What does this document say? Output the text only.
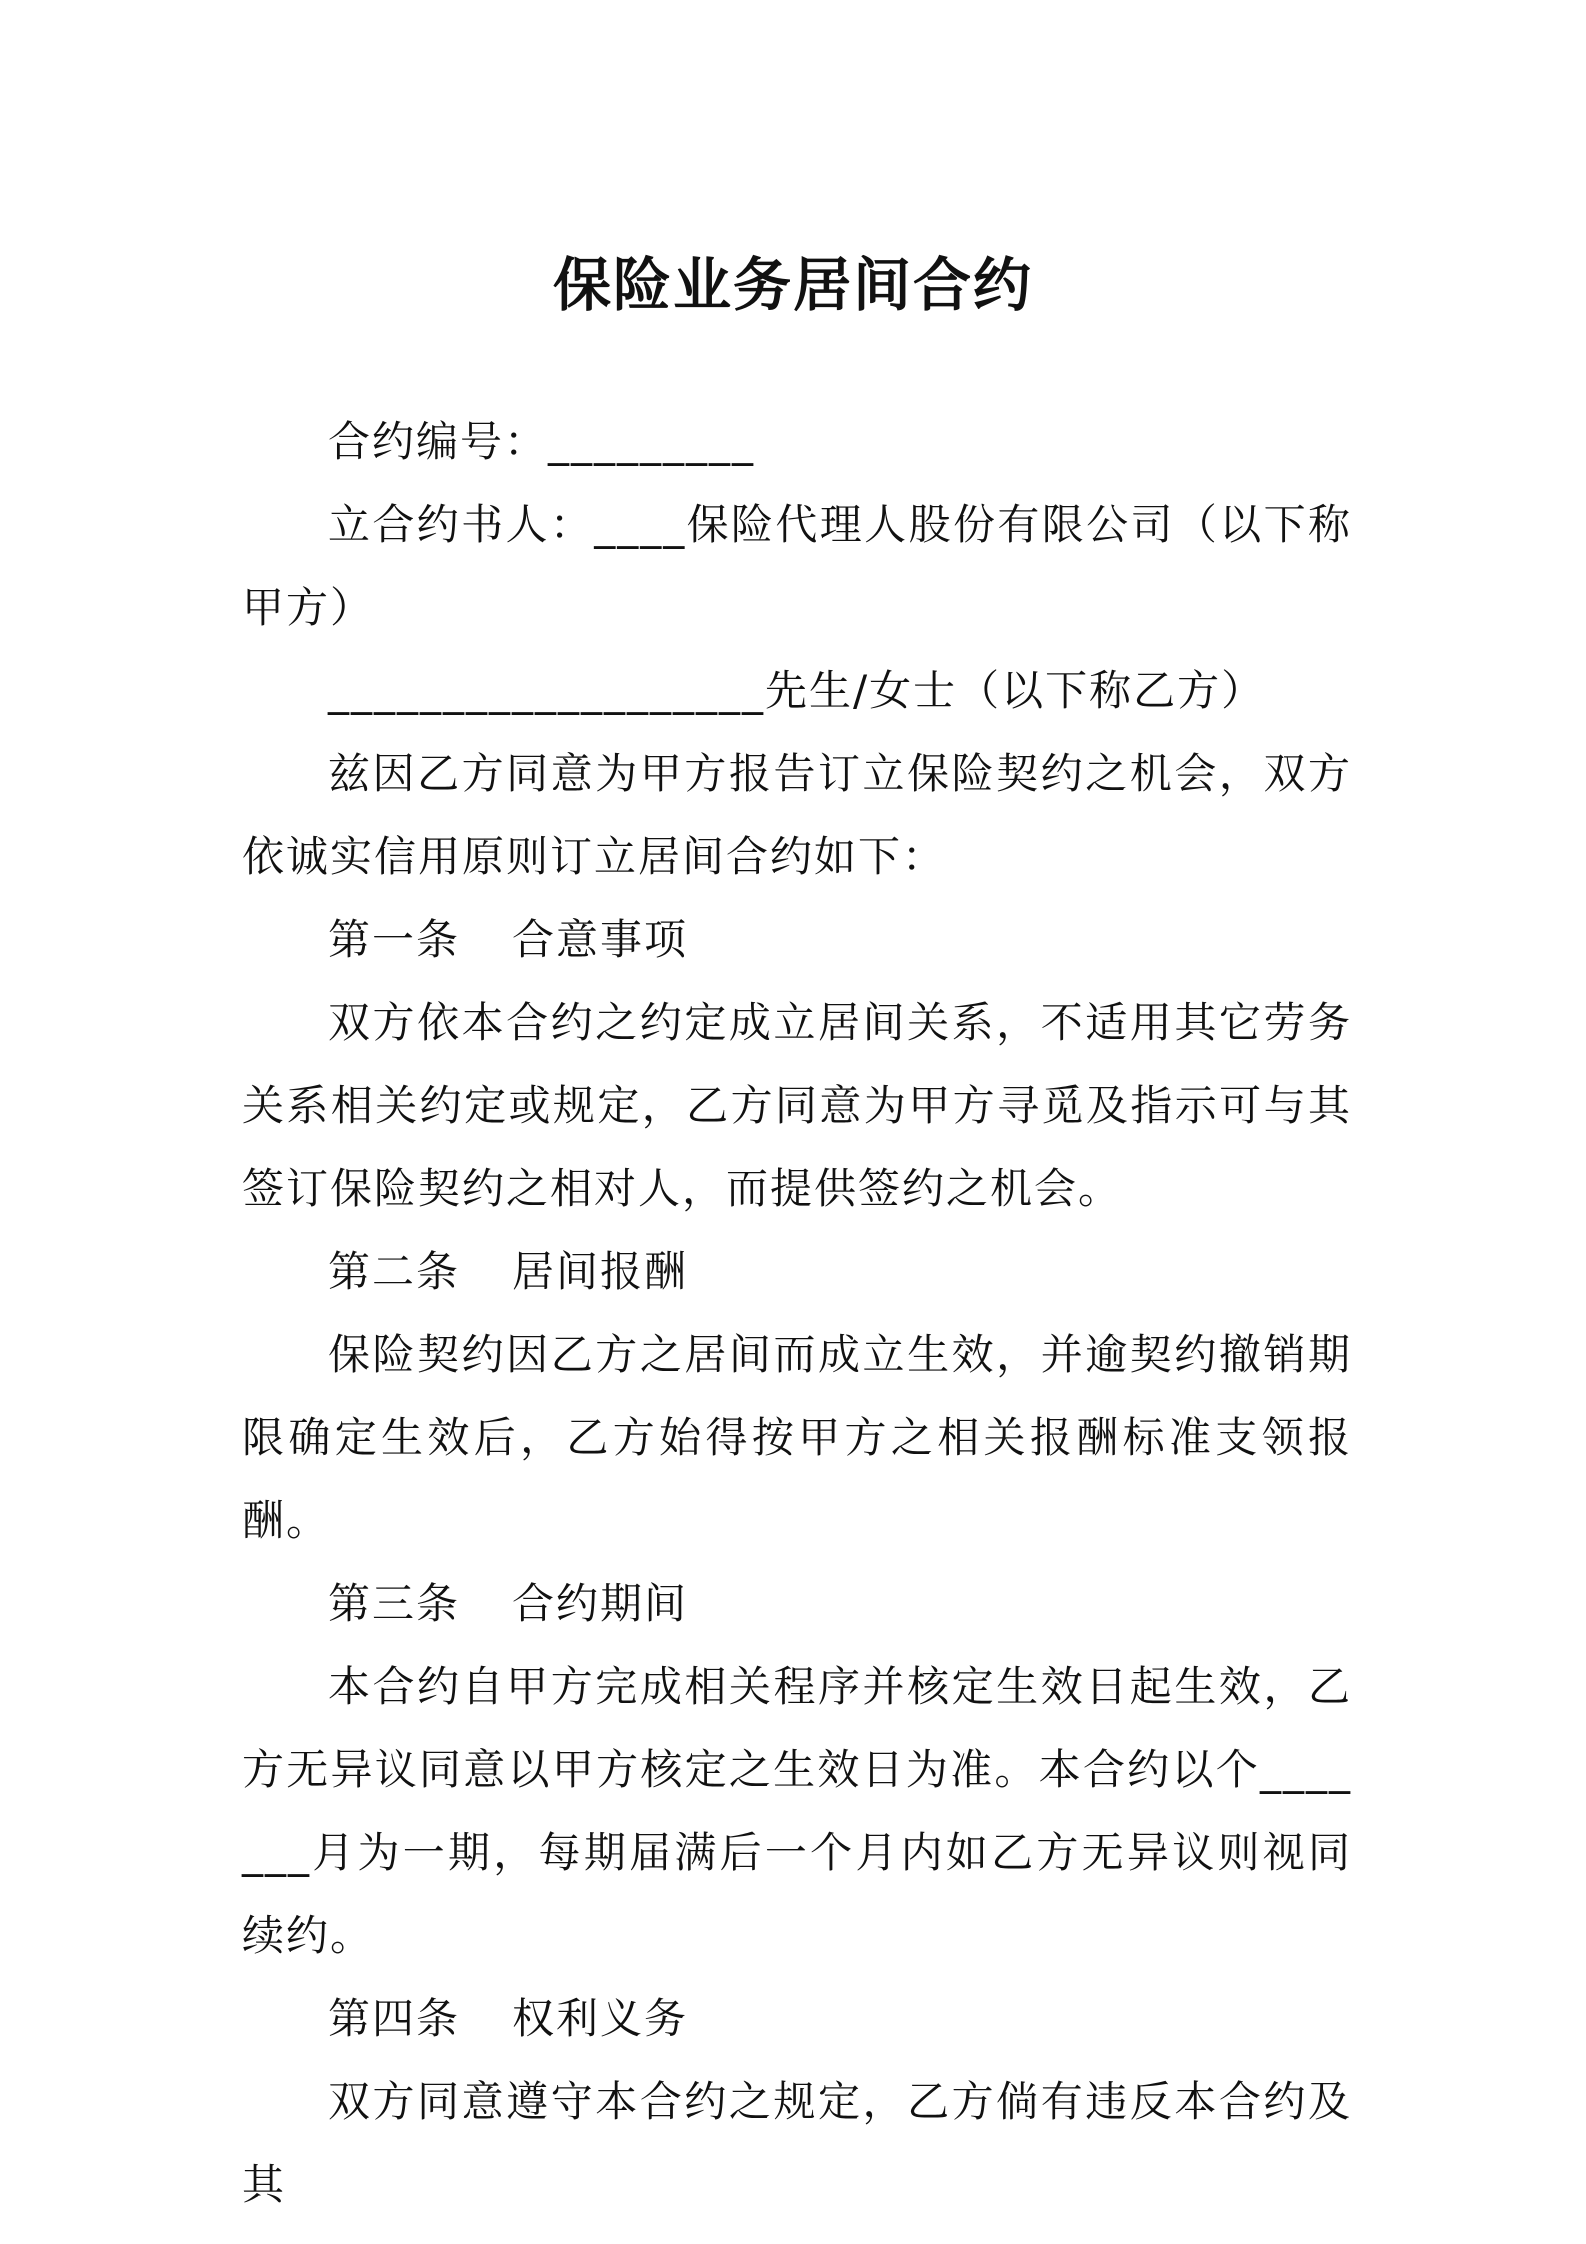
保险业务居间合约

合约编号：_________

立合约书人：____保险代理人股份有限公司（以下称甲方）

___________________先生/女士（以下称乙方）

兹因乙方同意为甲方报告订立保险契约之机会，双方依诚实信用原则订立居间合约如下：

第一条 合意事项

双方依本合约之约定成立居间关系，不适用其它劳务关系相关约定或规定，乙方同意为甲方寻觅及指示可与其签订保险契约之相对人，而提供签约之机会。

第二条 居间报酬

保险契约因乙方之居间而成立生效，并逾契约撤销期限确定生效后，乙方始得按甲方之相关报酬标准支领报酬。

第三条 合约期间

本合约自甲方完成相关程序并核定生效日起生效，乙方无异议同意以甲方核定之生效日为准。本合约以个_______月为一期，每期届满后一个月内如乙方无异议则视同续约。

第四条 权利义务

双方同意遵守本合约之规定，乙方倘有违反本合约及其
